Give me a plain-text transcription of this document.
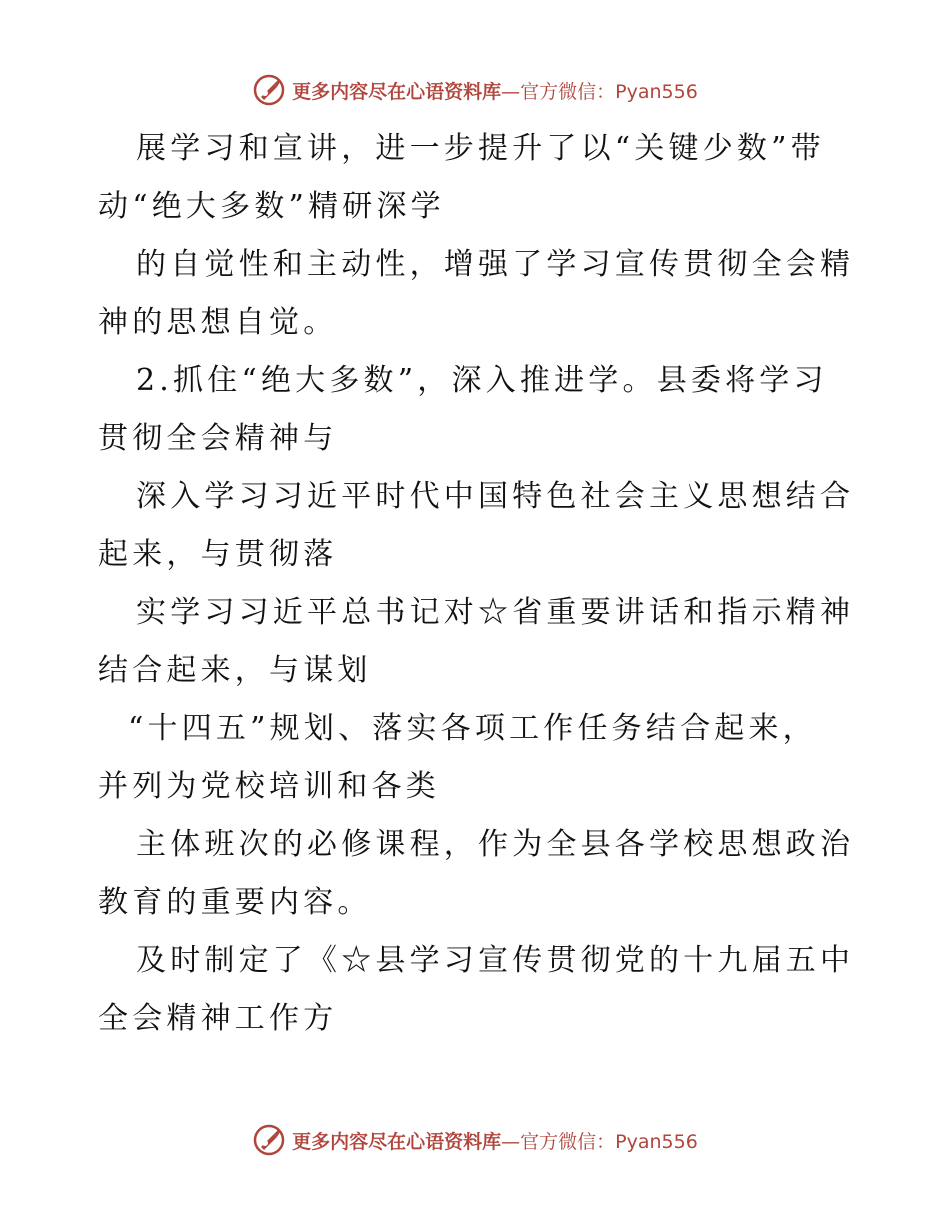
更多内容尽在心语资料库—官方微信：Pyan556
展学习和宣讲，进一步提升了以“关键少数”带
动“绝大多数”精研深学
的自觉性和主动性，增强了学习宣传贯彻全会精
神的思想自觉。
2.抓住“绝大多数”，深入推进学。县委将学习
贯彻全会精神与
深入学习习近平时代中国特色社会主义思想结合
起来，与贯彻落
实学习习近平总书记对☆省重要讲话和指示精神
结合起来，与谋划
“十四五”规划、落实各项工作任务结合起来，
并列为党校培训和各类
主体班次的必修课程，作为全县各学校思想政治
教育的重要内容。
及时制定了《☆县学习宣传贯彻党的十九届五中
全会精神工作方
更多内容尽在心语资料库—官方微信：Pyan556
